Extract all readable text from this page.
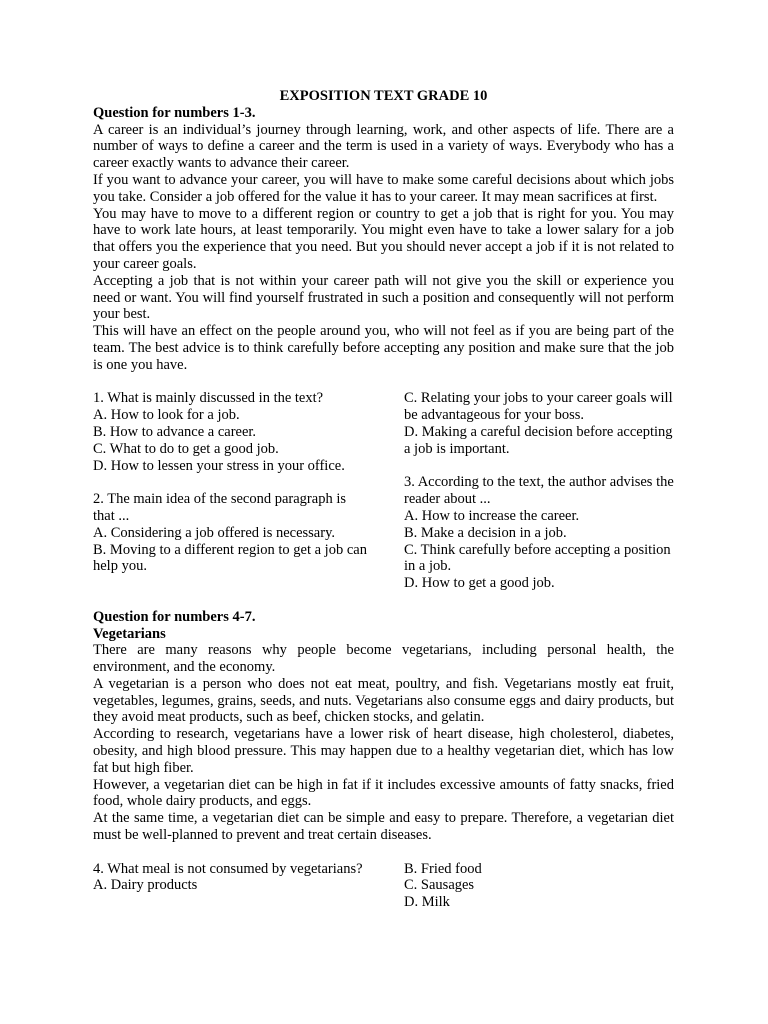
EXPOSITION TEXT GRADE 10

Question for numbers 1-3.

A career is an individual’s journey through learning, work, and other aspects of life. There are a number of ways to define a career and the term is used in a variety of ways. Everybody who has a career exactly wants to advance their career.

If you want to advance your career, you will have to make some careful decisions about which jobs you take. Consider a job offered for the value it has to your career. It may mean sacrifices at first.

You may have to move to a different region or country to get a job that is right for you. You may have to work late hours, at least temporarily. You might even have to take a lower salary for a job that offers you the experience that you need. But you should never accept a job if it is not related to your career goals.

Accepting a job that is not within your career path will not give you the skill or experience you need or want. You will find yourself frustrated in such a position and consequently will not perform your best.

This will have an effect on the people around you, who will not feel as if you are being part of the team. The best advice is to think carefully before accepting any position and make sure that the job is one you have.

1. What is mainly discussed in the text?

A. How to look for a job.

B. How to advance a career.

C. What to do to get a good job.

D. How to lessen your stress in your office.

2. The main idea of the second paragraph is that ...

A. Considering a job offered is necessary.

B. Moving to a different region to get a job can help you.

C. Relating your jobs to your career goals will be advantageous for your boss.

D. Making a careful decision before accepting a job is important.

3. According to the text, the author advises the reader about ...

A. How to increase the career.

B. Make a decision in a job.

C. Think carefully before accepting a position in a job.

D. How to get a good job.

Question for numbers 4-7.

Vegetarians

There are many reasons why people become vegetarians, including personal health, the environment, and the economy.

A vegetarian is a person who does not eat meat, poultry, and fish. Vegetarians mostly eat fruit, vegetables, legumes, grains, seeds, and nuts. Vegetarians also consume eggs and dairy products, but they avoid meat products, such as beef, chicken stocks, and gelatin.

According to research, vegetarians have a lower risk of heart disease, high cholesterol, diabetes, obesity, and high blood pressure. This may happen due to a healthy vegetarian diet, which has low fat but high fiber.

However, a vegetarian diet can be high in fat if it includes excessive amounts of fatty snacks, fried food, whole dairy products, and eggs.

At the same time, a vegetarian diet can be simple and easy to prepare. Therefore, a vegetarian diet must be well-planned to prevent and treat certain diseases.

4. What meal is not consumed by vegetarians?

A. Dairy products

B. Fried food

C. Sausages

D. Milk
